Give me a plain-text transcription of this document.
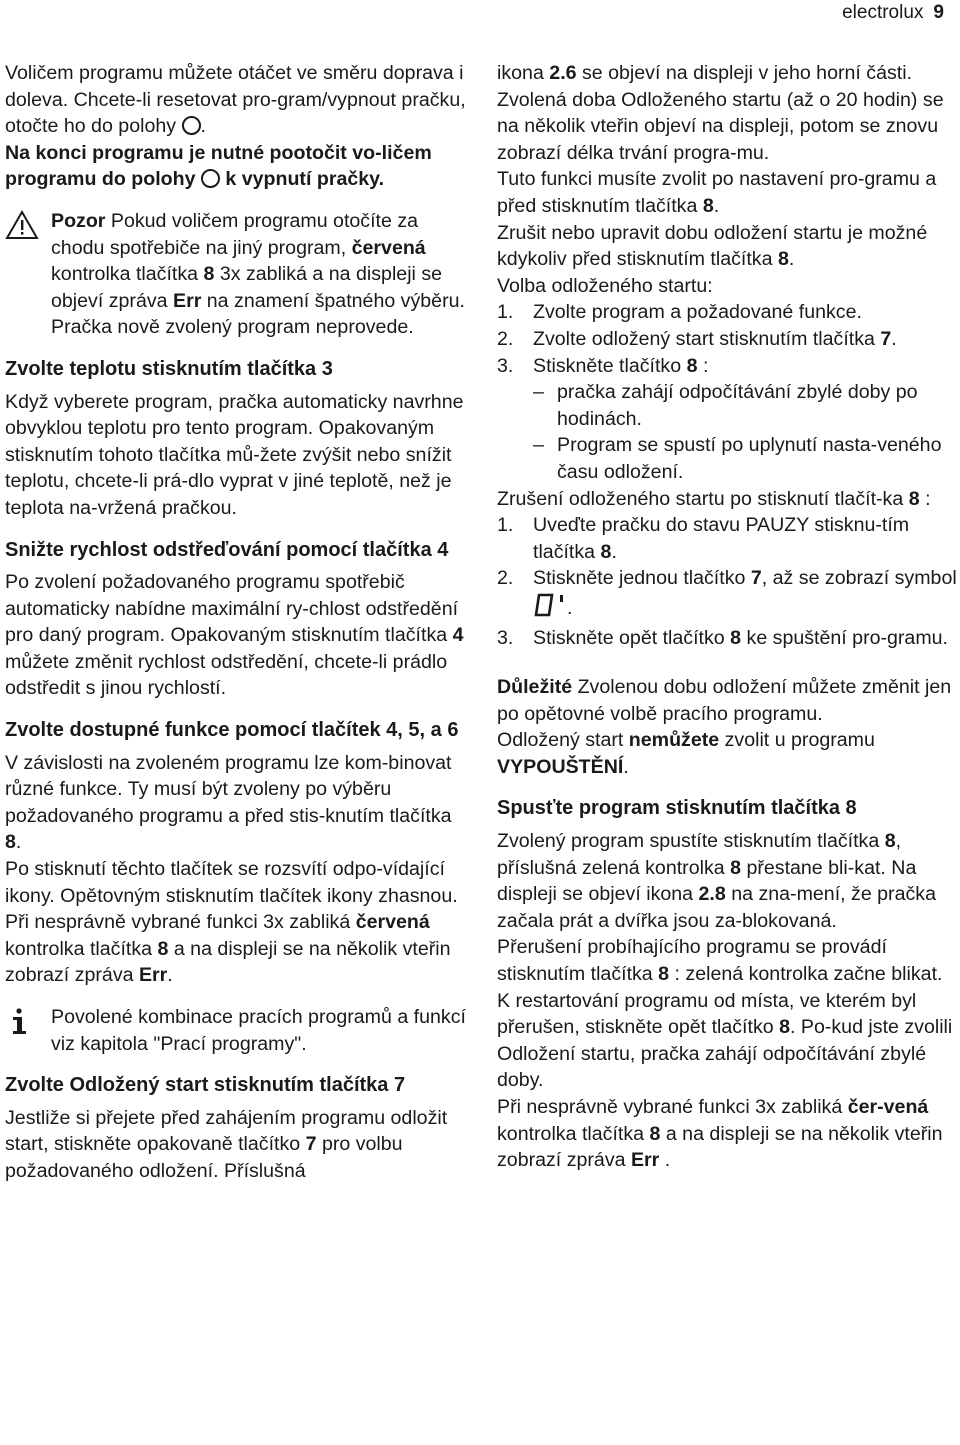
electrolux 9

Voličem programu můžete otáčet ve směru doprava i doleva. Chcete-li resetovat pro-gram/vypnout pračku, otočte ho do polohy .

Na konci programu je nutné pootočit vo-ličem programu do polohy k vypnutí pračky.

Pozor Pokud voličem programu otočíte za chodu spotřebiče na jiný program, červená kontrolka tlačítka 8 3x zabliká a na displeji se objeví zpráva Err na znamení špatného výběru. Pračka nově zvolený program neprovede.
Zvolte teplotu stisknutím tlačítka 3

Když vyberete program, pračka automaticky navrhne obvyklou teplotu pro tento program. Opakovaným stisknutím tohoto tlačítka mů-žete zvýšit nebo snížit teplotu, chcete-li prá-dlo vyprat v jiné teplotě, než je teplota na-vržená pračkou.

Snižte rychlost odstřeďování pomocí tlačítka 4

Po zvolení požadovaného programu spotřebič automaticky nabídne maximální ry-chlost odstředění pro daný program. Opakovaným stisknutím tlačítka 4 můžete změnit rychlost odstředění, chcete-li prádlo odstředit s jinou rychlostí.

Zvolte dostupné funkce pomocí tlačítek 4, 5, a 6

V závislosti na zvoleném programu lze kom-binovat různé funkce. Ty musí být zvoleny po výběru požadovaného programu a před stis-knutím tlačítka 8.

Po stisknutí těchto tlačítek se rozsvítí odpo-vídající ikony. Opětovným stisknutím tlačítek ikony zhasnou. Při nesprávně vybrané funkci 3x zabliká červená kontrolka tlačítka 8 a na displeji se na několik vteřin zobrazí zpráva Err.

Povolené kombinace pracích programů a funkcí viz kapitola "Prací programy".
Zvolte Odložený start stisknutím tlačítka 7

Jestliže si přejete před zahájením programu odložit start, stiskněte opakovaně tlačítko 7 pro volbu požadovaného odložení. Příslušná

ikona 2.6 se objeví na displeji v jeho horní části.

Zvolená doba Odloženého startu (až o 20 hodin) se na několik vteřin objeví na displeji, potom se znovu zobrazí délka trvání progra-mu.

Tuto funkci musíte zvolit po nastavení pro-gramu a před stisknutím tlačítka 8.

Zrušit nebo upravit dobu odložení startu je možné kdykoliv před stisknutím tlačítka 8.

Volba odloženého startu:

1. Zvolte program a požadované funkce.
2. Zvolte odložený start stisknutím tlačítka 7.
3. Stiskněte tlačítko 8 :
– pračka zahájí odpočítávání zbylé doby po hodinách.
– Program se spustí po uplynutí nasta-veného času odložení.

Zrušení odloženého startu po stisknutí tlačít-ka 8 :

1. Uveďte pračku do stavu PAUZY stisknu-tím tlačítka 8.
2. Stiskněte jednou tlačítko 7, až se zobrazí symbol .
3. Stiskněte opět tlačítko 8 ke spuštění pro-gramu.

Důležité Zvolenou dobu odložení můžete změnit jen po opětovné volbě pracího programu.

Odložený start nemůžete zvolit u programu VYPOUŠTĚNÍ.

Spusťte program stisknutím tlačítka 8

Zvolený program spustíte stisknutím tlačítka 8, příslušná zelená kontrolka 8 přestane bli-kat. Na displeji se objeví ikona 2.8 na zna-mení, že pračka začala prát a dvířka jsou za-blokovaná.

Přerušení probíhajícího programu se provádí stisknutím tlačítka 8 : zelená kontrolka začne blikat.

K restartování programu od místa, ve kterém byl přerušen, stiskněte opět tlačítko 8. Po-kud jste zvolili Odložení startu, pračka zahájí odpočítávání zbylé doby.

Při nesprávně vybrané funkci 3x zabliká čer-vená kontrolka tlačítka 8 a na displeji se na několik vteřin zobrazí zpráva Err .
